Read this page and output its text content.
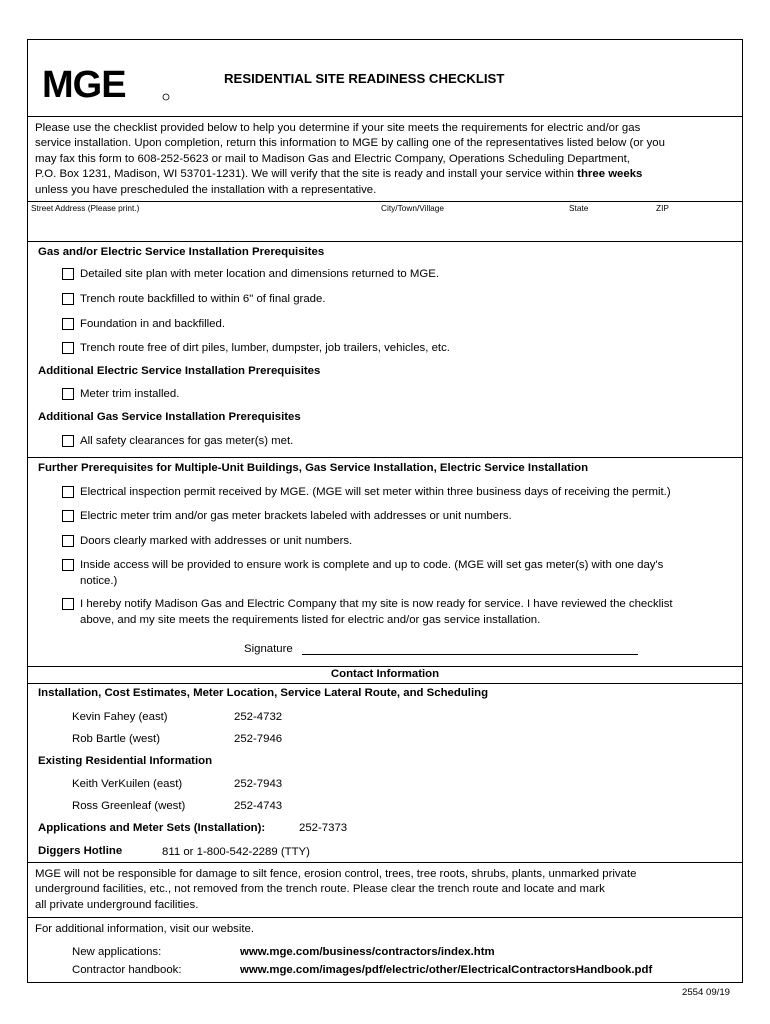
MGE	RESIDENTIAL SITE READINESS CHECKLIST
Please use the checklist provided below to help you determine if your site meets the requirements for electric and/or gas
service installation. Upon completion, return this information to MGE by calling one of the representatives listed below (or you
may fax this form to 608-252-5623 or mail to Madison Gas and Electric Company, Operations Scheduling Department,
P.O. Box 1231, Madison, WI 53701-1231). We will verify that the site is ready and install your service within three weeks
unless you have prescheduled the installation with a representative.
Street Address (Please print.)	City/Town/Village	State	ZIP
Gas and/or Electric Service Installation Prerequisites
Detailed site plan with meter location and dimensions returned to MGE.
Trench route backfilled to within 6" of final grade.
Foundation in and backfilled.
Trench route free of dirt piles, lumber, dumpster, job trailers, vehicles, etc.
Additional Electric Service Installation Prerequisites
Meter trim installed.
Additional Gas Service Installation Prerequisites
All safety clearances for gas meter(s) met.
Further Prerequisites for Multiple-Unit Buildings, Gas Service Installation, Electric Service Installation
Electrical inspection permit received by MGE. (MGE will set meter within three business days of receiving the permit.)
Electric meter trim and/or gas meter brackets labeled with addresses or unit numbers.
Doors clearly marked with addresses or unit numbers.
Inside access will be provided to ensure work is complete and up to code. (MGE will set gas meter(s) with one day's
notice.)
I hereby notify Madison Gas and Electric Company that my site is now ready for service. I have reviewed the checklist
above, and my site meets the requirements listed for electric and/or gas service installation.
Signature
Contact Information
Installation, Cost Estimates, Meter Location, Service Lateral Route, and Scheduling
Kevin Fahey (east)	252-4732
Rob Bartle (west)	252-7946
Existing Residential Information
Keith VerKuilen (east)	252-7943
Ross Greenleaf (west)	252-4743
Applications and Meter Sets (Installation):	252-7373
Diggers Hotline	811 or 1-800-542-2289 (TTY)
MGE will not be responsible for damage to silt fence, erosion control, trees, tree roots, shrubs, plants, unmarked private
underground facilities, etc., not removed from the trench route. Please clear the trench route and locate and mark
all private underground facilities.
For additional information, visit our website.
New applications:	www.mge.com/business/contractors/index.htm
Contractor handbook:	www.mge.com/images/pdf/electric/other/ElectricalContractorsHandbook.pdf
2554 09/19
